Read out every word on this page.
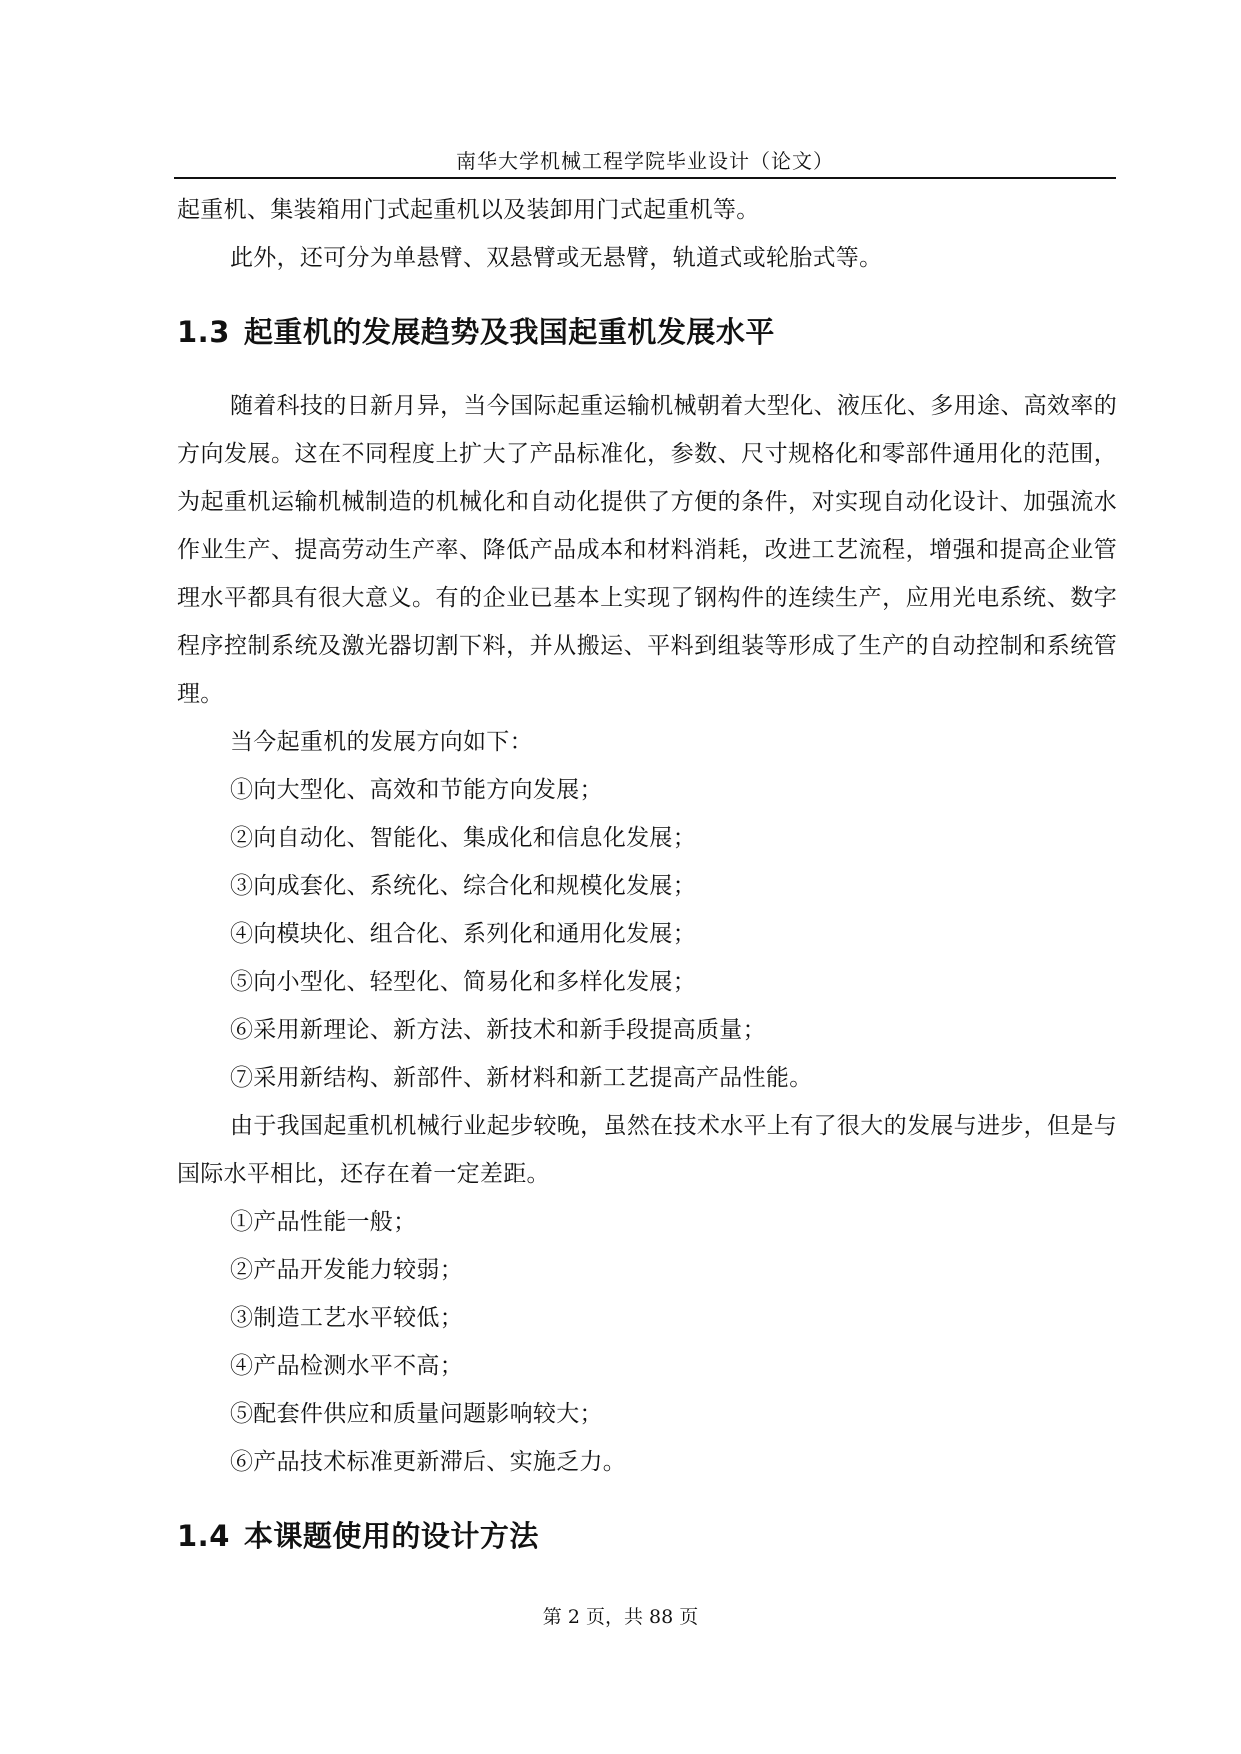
南华大学机械工程学院毕业设计（论文）

起重机、集装箱用门式起重机以及装卸用门式起重机等。

此外，还可分为单悬臂、双悬臂或无悬臂，轨道式或轮胎式等。

1.3 起重机的发展趋势及我国起重机发展水平

随着科技的日新月异，当今国际起重运输机械朝着大型化、液压化、多用途、高效率的方向发展。这在不同程度上扩大了产品标准化，参数、尺寸规格化和零部件通用化的范围，为起重机运输机械制造的机械化和自动化提供了方便的条件，对实现自动化设计、加强流水作业生产、提高劳动生产率、降低产品成本和材料消耗，改进工艺流程，增强和提高企业管理水平都具有很大意义。有的企业已基本上实现了钢构件的连续生产，应用光电系统、数字程序控制系统及激光器切割下料，并从搬运、平料到组装等形成了生产的自动控制和系统管理。

当今起重机的发展方向如下：

①向大型化、高效和节能方向发展；

②向自动化、智能化、集成化和信息化发展；

③向成套化、系统化、综合化和规模化发展；

④向模块化、组合化、系列化和通用化发展；

⑤向小型化、轻型化、简易化和多样化发展；

⑥采用新理论、新方法、新技术和新手段提高质量；

⑦采用新结构、新部件、新材料和新工艺提高产品性能。

由于我国起重机机械行业起步较晚，虽然在技术水平上有了很大的发展与进步，但是与国际水平相比，还存在着一定差距。

①产品性能一般；

②产品开发能力较弱；

③制造工艺水平较低；

④产品检测水平不高；

⑤配套件供应和质量问题影响较大；

⑥产品技术标准更新滞后、实施乏力。

1.4 本课题使用的设计方法
第 2 页，共 88 页
